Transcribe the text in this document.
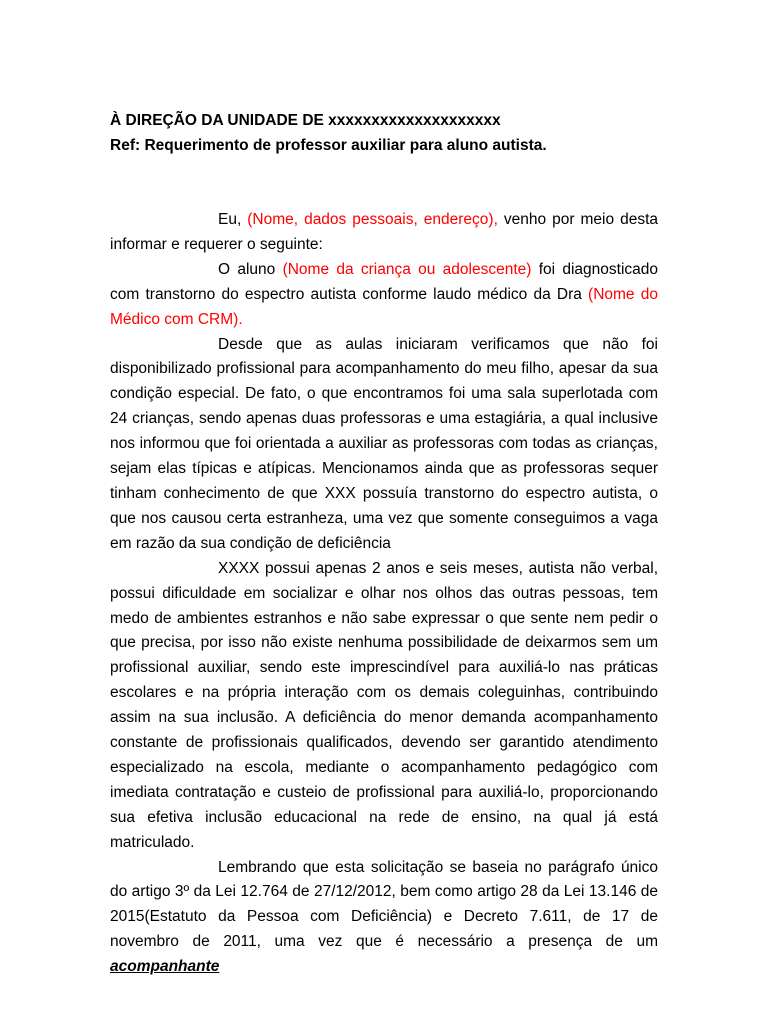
À DIREÇÃO DA UNIDADE DE xxxxxxxxxxxxxxxxxxxx
Ref: Requerimento de professor auxiliar para aluno autista.

Eu, (Nome, dados pessoais, endereço), venho por meio desta informar e requerer o seguinte:

O aluno (Nome da criança ou adolescente) foi diagnosticado com transtorno do espectro autista conforme laudo médico da Dra (Nome do Médico com CRM).

Desde que as aulas iniciaram verificamos que não foi disponibilizado profissional para acompanhamento do meu filho, apesar da sua condição especial. De fato, o que encontramos foi uma sala superlotada com 24 crianças, sendo apenas duas professoras e uma estagiária, a qual inclusive nos informou que foi orientada a auxiliar as professoras com todas as crianças, sejam elas típicas e atípicas. Mencionamos ainda que as professoras sequer tinham conhecimento de que XXX possuía transtorno do espectro autista, o que nos causou certa estranheza, uma vez que somente conseguimos a vaga em razão da sua condição de deficiência

XXXX possui apenas 2 anos e seis meses, autista não verbal, possui dificuldade em socializar e olhar nos olhos das outras pessoas, tem medo de ambientes estranhos e não sabe expressar o que sente nem pedir o que precisa, por isso não existe nenhuma possibilidade de deixarmos sem um profissional auxiliar, sendo este imprescindível para auxiliá-lo nas práticas escolares e na própria interação com os demais coleguinhas, contribuindo assim na sua inclusão. A deficiência do menor demanda acompanhamento constante de profissionais qualificados, devendo ser garantido atendimento especializado na escola, mediante o acompanhamento pedagógico com imediata contratação e custeio de profissional para auxiliá-lo, proporcionando sua efetiva inclusão educacional na rede de ensino, na qual já está matriculado.

Lembrando que esta solicitação se baseia no parágrafo único do artigo 3º da Lei 12.764 de 27/12/2012, bem como artigo 28 da Lei 13.146 de 2015(Estatuto da Pessoa com Deficiência) e Decreto 7.611, de 17 de novembro de 2011, uma vez que é necessário a presença de um acompanhante
